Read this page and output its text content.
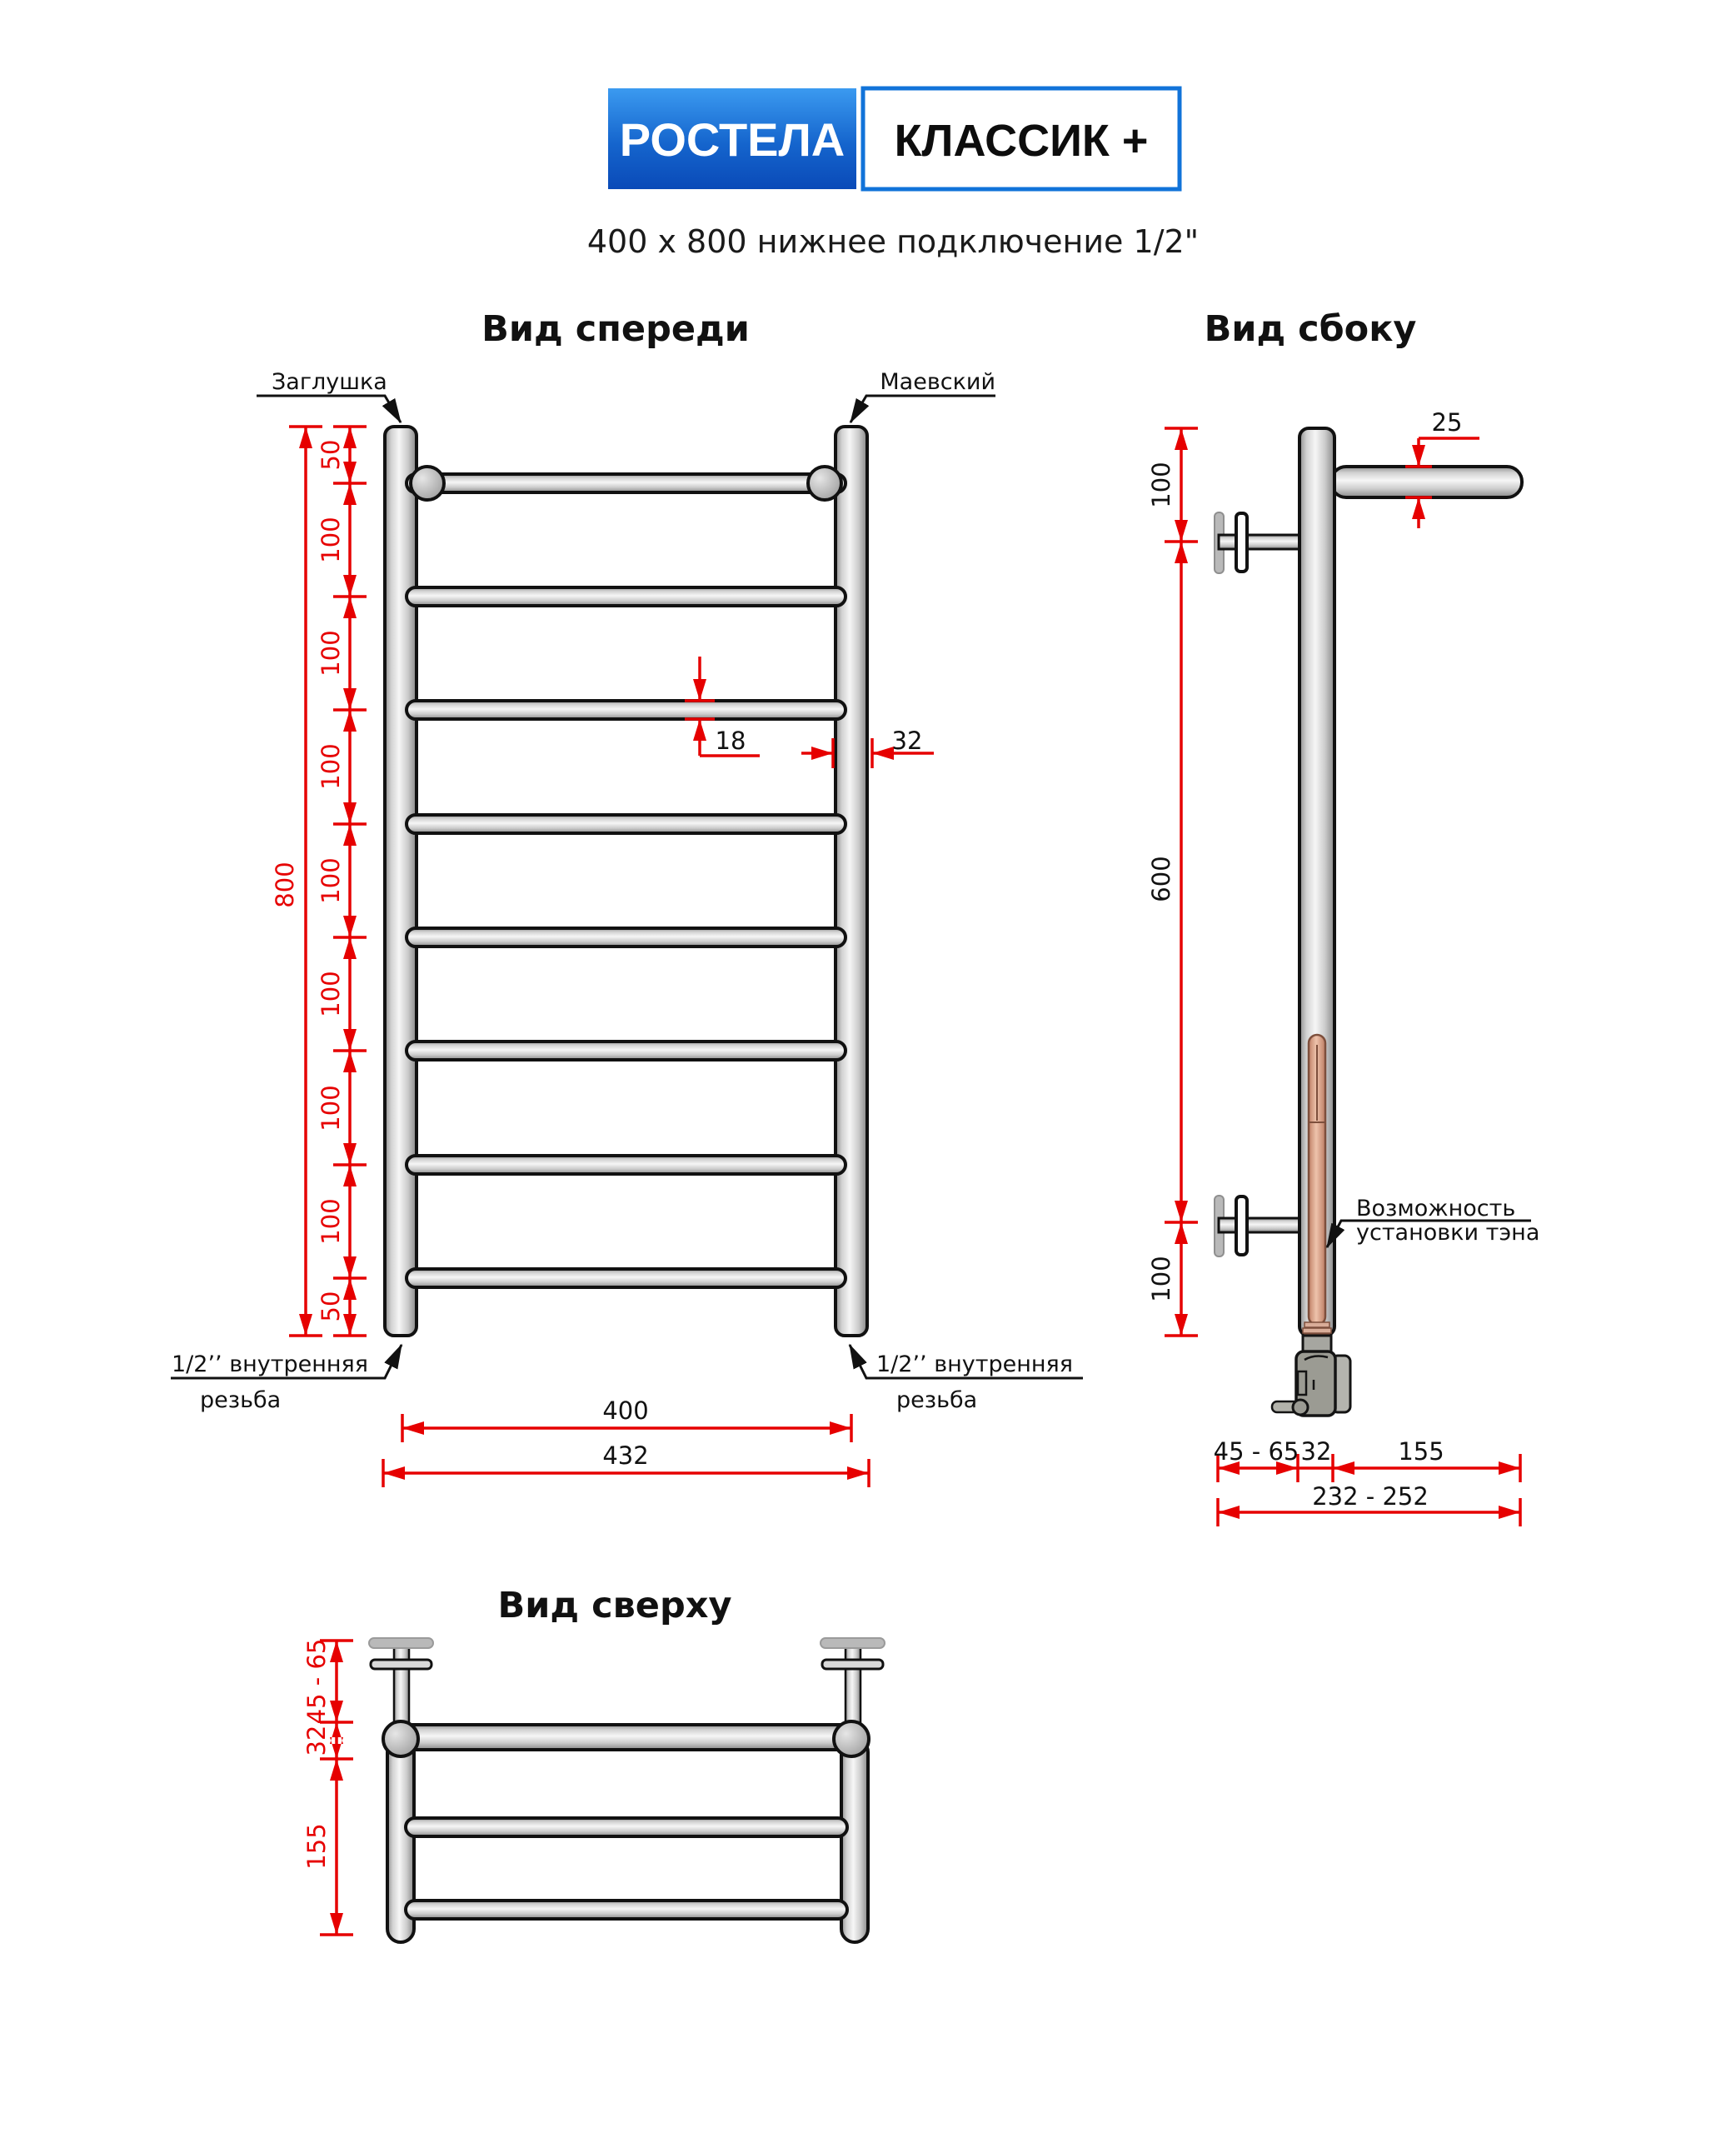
РОСТЕЛА КЛАССИК +
400 x 800 нижнее подключение 1/2"
Вид спереди
Заглушка	Маевский
1/2’’ внутренняя
резьба
1/2’’ внутренняя
резьба
800
50
100
100
100
100
100
100
100
50
18	32
400
432
Вид сбоку
25
100
600
100
Возможность
установки тэна
45 - 65 32	155
232 - 252
Вид сверху
45 - 65
32
155
